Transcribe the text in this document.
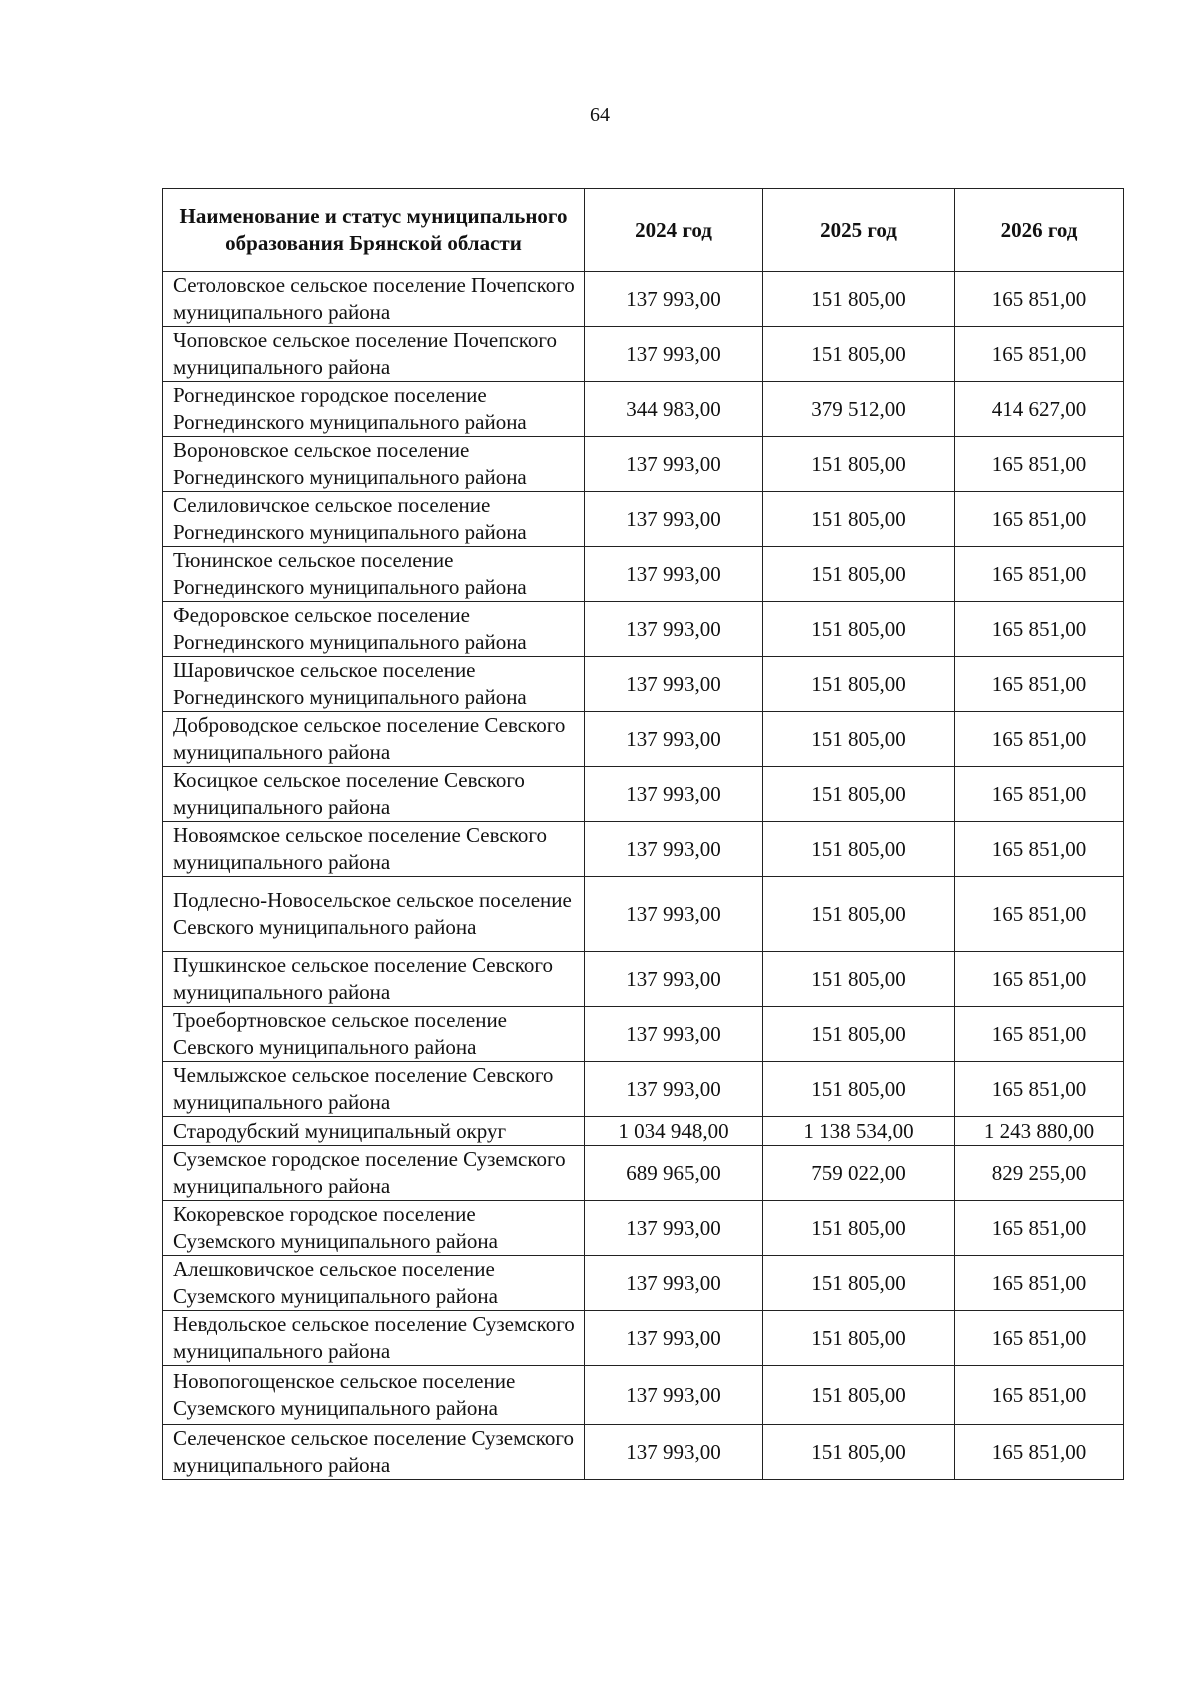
64
Наименование и статус муниципального образования Брянской области	2024 год	2025 год	2026 год
Сетоловское сельское поселение Почепского муниципального района	137 993,00	151 805,00	165 851,00
Чоповское сельское поселение Почепского муниципального района	137 993,00	151 805,00	165 851,00
Рогнединское городское поселение Рогнединского муниципального района	344 983,00	379 512,00	414 627,00
Вороновское сельское поселение Рогнединского муниципального района	137 993,00	151 805,00	165 851,00
Селиловичское сельское поселение Рогнединского муниципального района	137 993,00	151 805,00	165 851,00
Тюнинское сельское поселение Рогнединского муниципального района	137 993,00	151 805,00	165 851,00
Федоровское сельское поселение Рогнединского муниципального района	137 993,00	151 805,00	165 851,00
Шаровичское сельское поселение Рогнединского муниципального района	137 993,00	151 805,00	165 851,00
Доброводское сельское поселение Севского муниципального района	137 993,00	151 805,00	165 851,00
Косицкое сельское поселение Севского муниципального района	137 993,00	151 805,00	165 851,00
Новоямское сельское поселение Севского муниципального района	137 993,00	151 805,00	165 851,00
Подлесно-Новосельское сельское поселение Севского муниципального района	137 993,00	151 805,00	165 851,00
Пушкинское сельское поселение Севского муниципального района	137 993,00	151 805,00	165 851,00
Троебортновское сельское поселение Севского муниципального района	137 993,00	151 805,00	165 851,00
Чемлыжское сельское поселение Севского муниципального района	137 993,00	151 805,00	165 851,00
Стародубский муниципальный округ	1 034 948,00	1 138 534,00	1 243 880,00
Суземское городское поселение Суземского муниципального района	689 965,00	759 022,00	829 255,00
Кокоревское городское поселение Суземского муниципального района	137 993,00	151 805,00	165 851,00
Алешковичское сельское поселение Суземского муниципального района	137 993,00	151 805,00	165 851,00
Невдольское сельское поселение Суземского муниципального района	137 993,00	151 805,00	165 851,00
Новопогощенское сельское поселение Суземского муниципального района	137 993,00	151 805,00	165 851,00
Селеченское сельское поселение Суземского муниципального района	137 993,00	151 805,00	165 851,00
